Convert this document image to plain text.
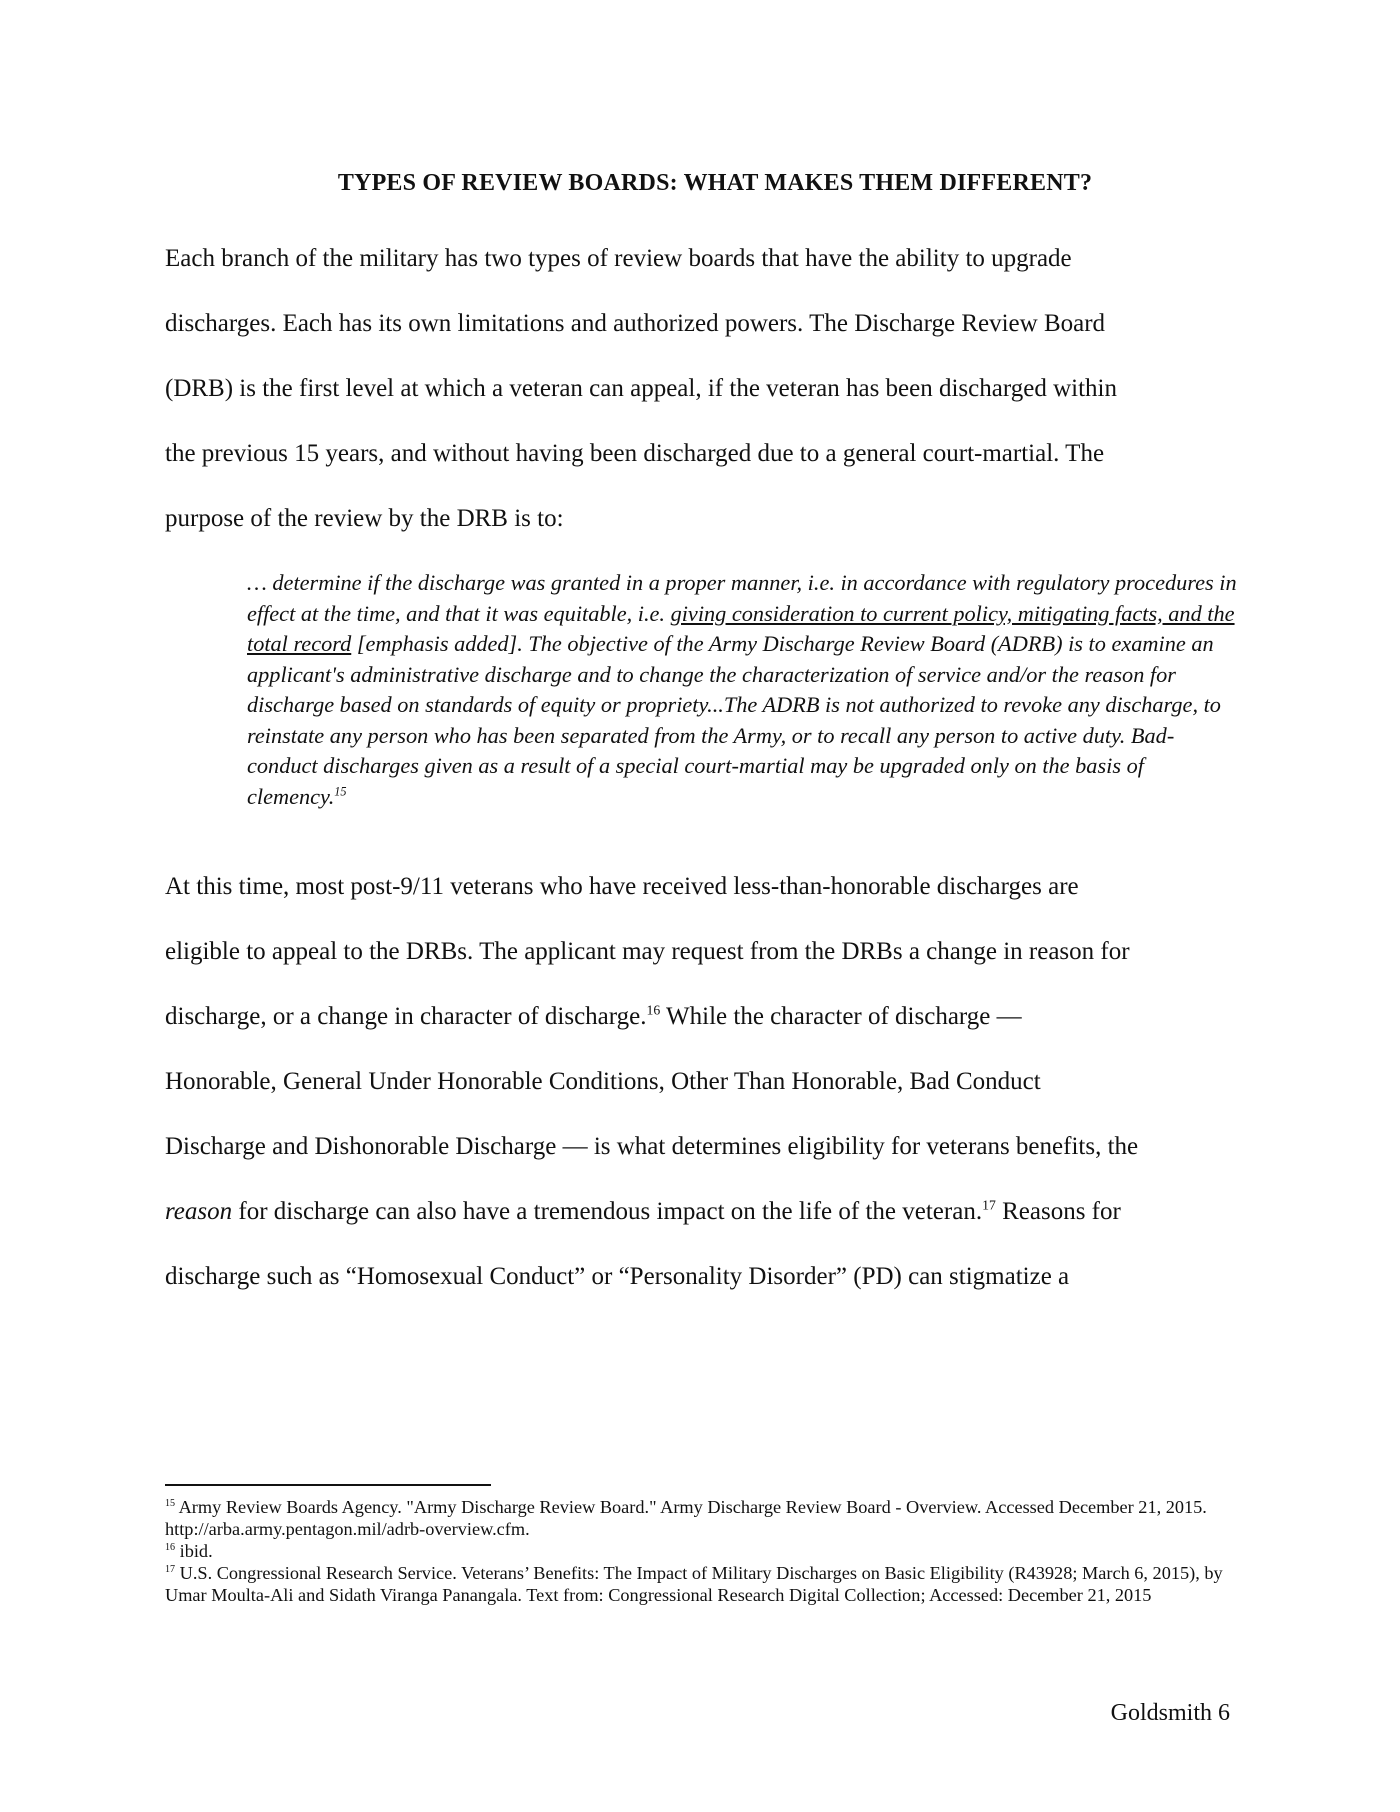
TYPES OF REVIEW BOARDS: WHAT MAKES THEM DIFFERENT?
Each branch of the military has two types of review boards that have the ability to upgrade
discharges. Each has its own limitations and authorized powers. The Discharge Review Board
(DRB) is the first level at which a veteran can appeal, if the veteran has been discharged within
the previous 15 years, and without having been discharged due to a general court-martial. The
purpose of the review by the DRB is to:
… determine if the discharge was granted in a proper manner, i.e. in accordance with regulatory procedures in effect at the time, and that it was equitable, i.e. giving consideration to current policy, mitigating facts, and the total record [emphasis added]. The objective of the Army Discharge Review Board (ADRB) is to examine an applicant's administrative discharge and to change the characterization of service and/or the reason for discharge based on standards of equity or propriety...The ADRB is not authorized to revoke any discharge, to reinstate any person who has been separated from the Army, or to recall any person to active duty. Bad-conduct discharges given as a result of a special court-martial may be upgraded only on the basis of clemency.$^{15}$
At this time, most post-9/11 veterans who have received less-than-honorable discharges are
eligible to appeal to the DRBs. The applicant may request from the DRBs a change in reason for
discharge, or a change in character of discharge.$^{16}$ While the character of discharge —
Honorable, General Under Honorable Conditions, Other Than Honorable, Bad Conduct
Discharge and Dishonorable Discharge — is what determines eligibility for veterans benefits, the
reason for discharge can also have a tremendous impact on the life of the veteran.$^{17}$ Reasons for
discharge such as “Homosexual Conduct” or “Personality Disorder” (PD) can stigmatize a
$^{15}$ Army Review Boards Agency. "Army Discharge Review Board." Army Discharge Review Board - Overview. Accessed December 21, 2015. http://arba.army.pentagon.mil/adrb-overview.cfm.
$^{16}$ ibid.
$^{17}$ U.S. Congressional Research Service. Veterans’ Benefits: The Impact of Military Discharges on Basic Eligibility (R43928; March 6, 2015), by Umar Moulta-Ali and Sidath Viranga Panangala. Text from: Congressional Research Digital Collection; Accessed: December 21, 2015
Goldsmith 6
